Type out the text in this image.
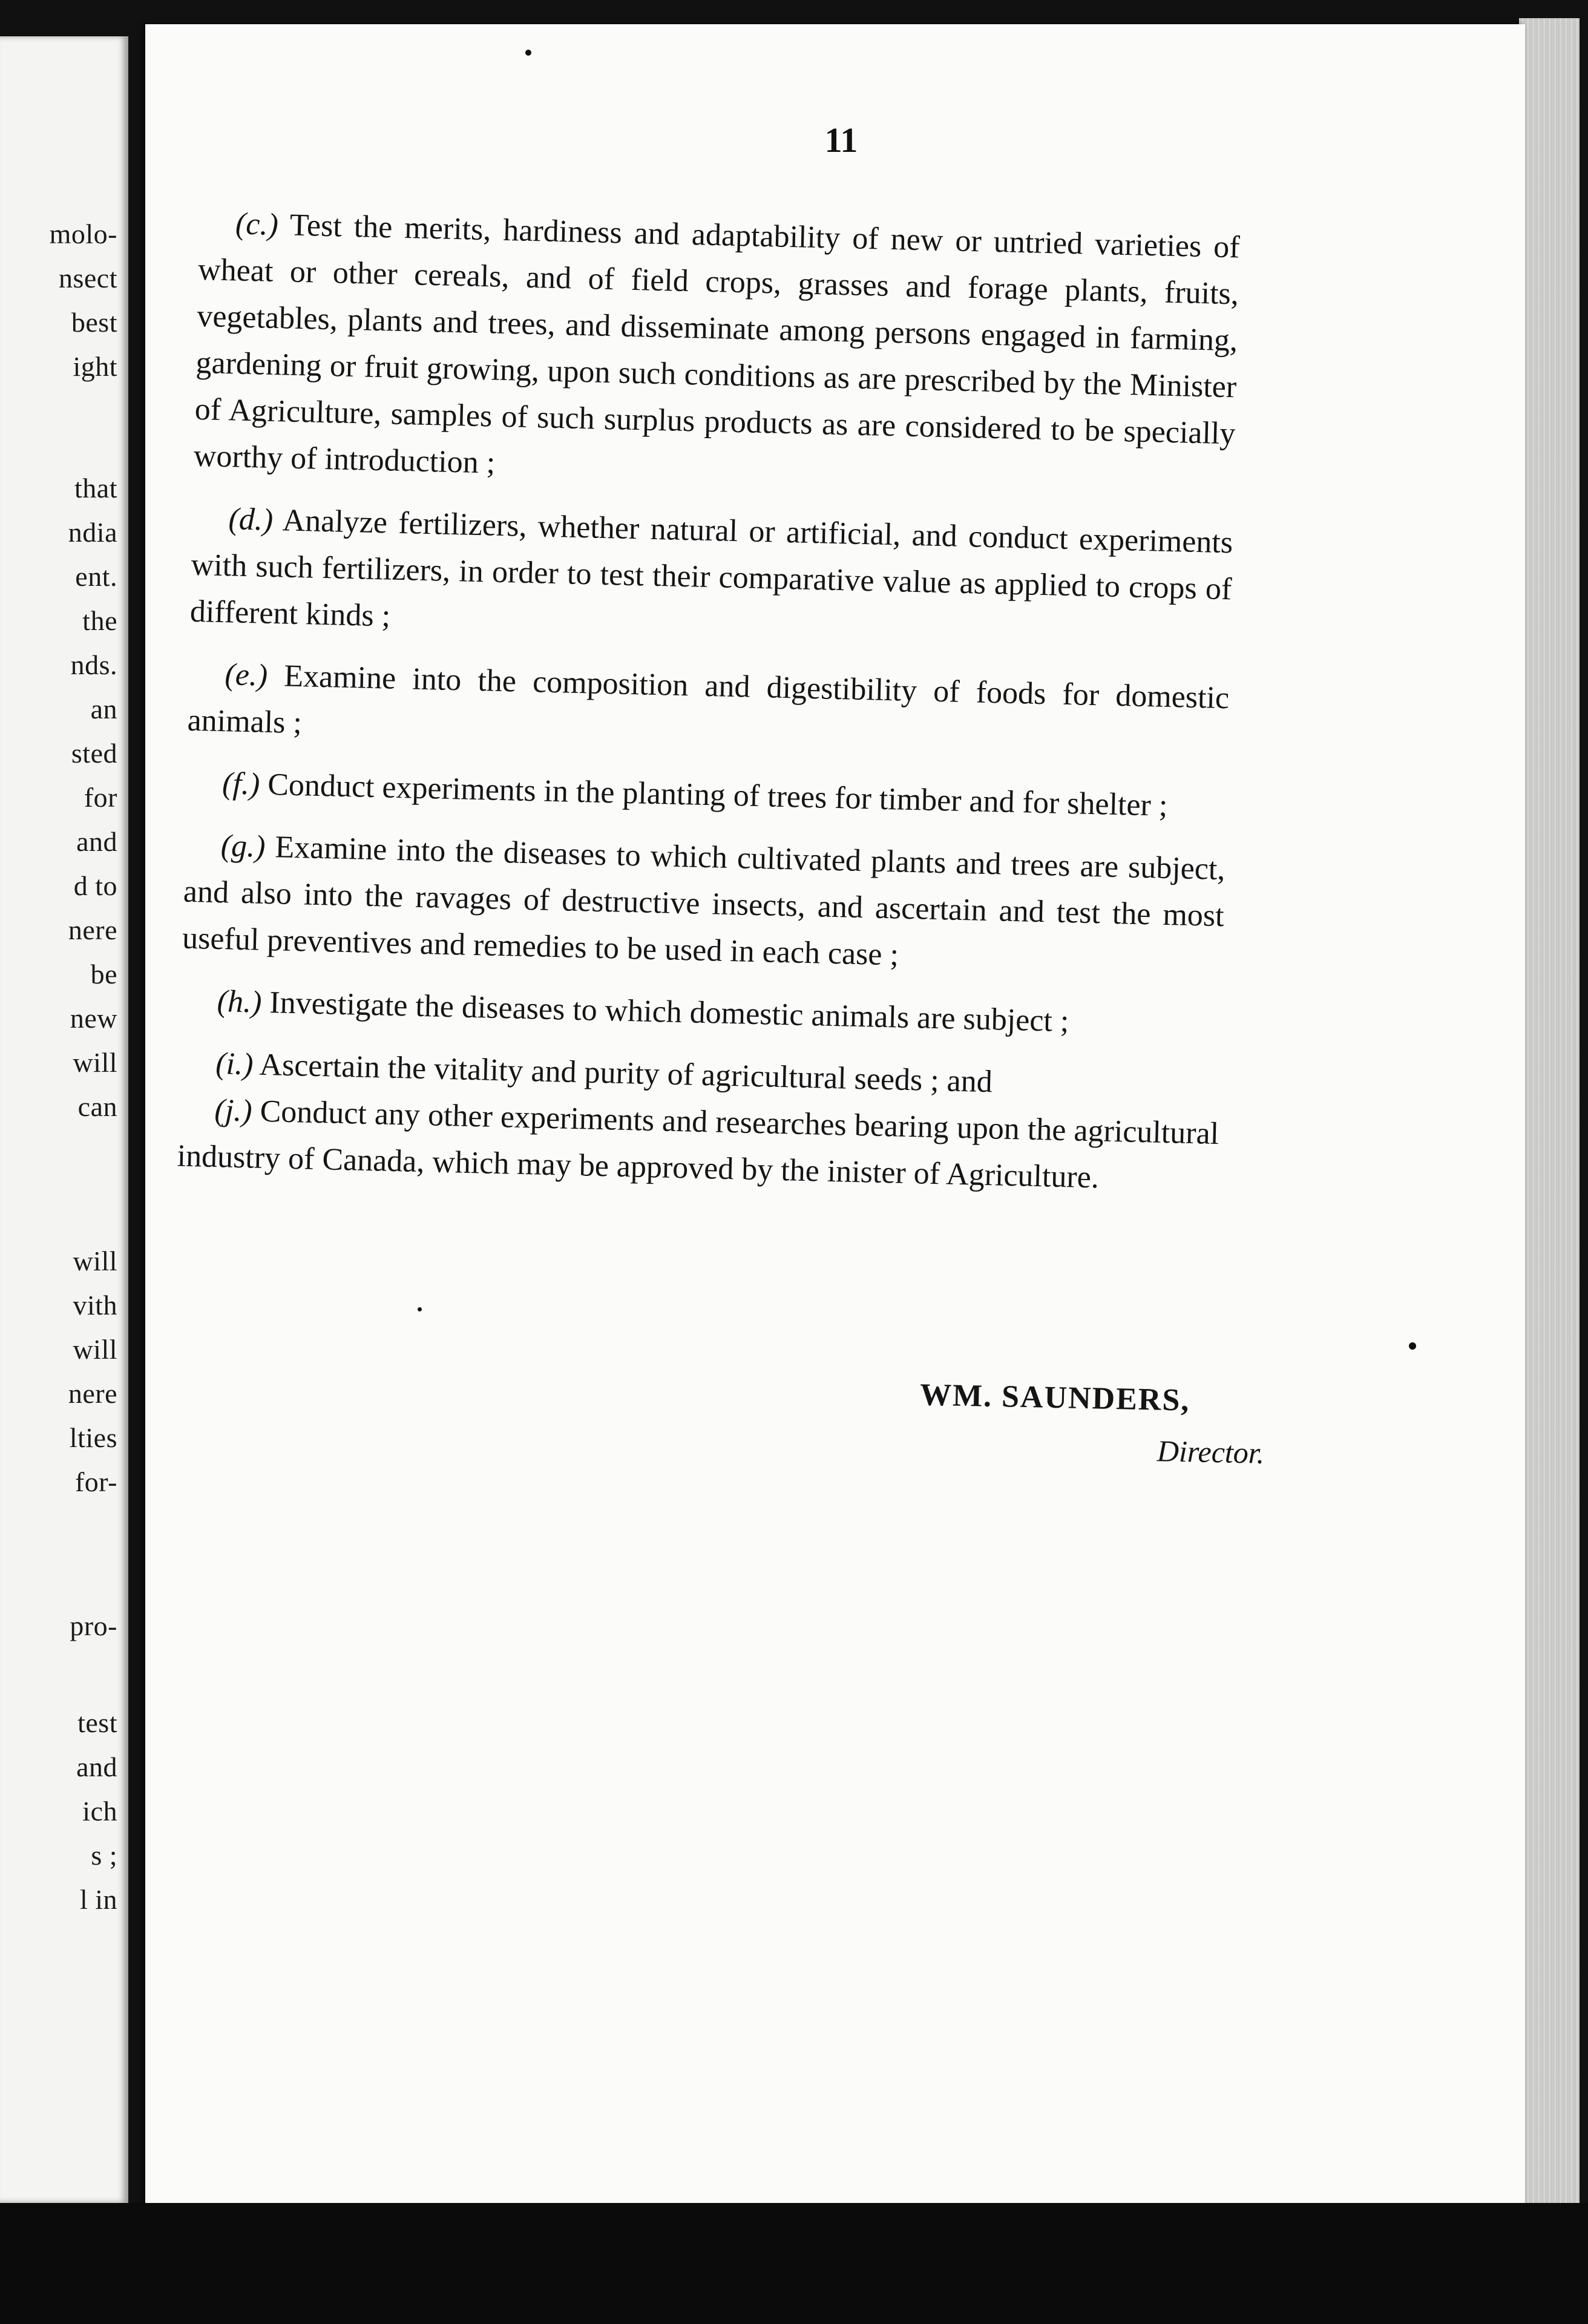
molo-
nsect
best
ight
that
ndia
ent.
the
nds.
an
sted
for
and
d to
nere
be
new
will
can
will
vith
will
nere
lties
for-
pro-
test
and
ich
s ;
l in
11

(c.) Test the merits, hardiness and adaptability of new or untried varieties of wheat or other cereals, and of field crops, grasses and forage plants, fruits, vegetables, plants and trees, and disseminate among persons engaged in farming, gardening or fruit growing, upon such conditions as are prescribed by the Minister of Agriculture, samples of such surplus products as are considered to be specially worthy of introduction ;

(d.) Analyze fertilizers, whether natural or artificial, and conduct experiments with such fertilizers, in order to test their comparative value as applied to crops of different kinds ;

(e.) Examine into the composition and digestibility of foods for domestic animals ;

(f.) Conduct experiments in the planting of trees for timber and for shelter ;

(g.) Examine into the diseases to which cultivated plants and trees are subject, and also into the ravages of destructive insects, and ascertain and test the most useful preventives and remedies to be used in each case ;

(h.) Investigate the diseases to which domestic animals are subject ;

(i.) Ascertain the vitality and purity of agricultural seeds ; and

(j.) Conduct any other experiments and researches bearing upon the agricultural industry of Canada, which may be approved by the inister of Agriculture.

WM. SAUNDERS,
Director.
